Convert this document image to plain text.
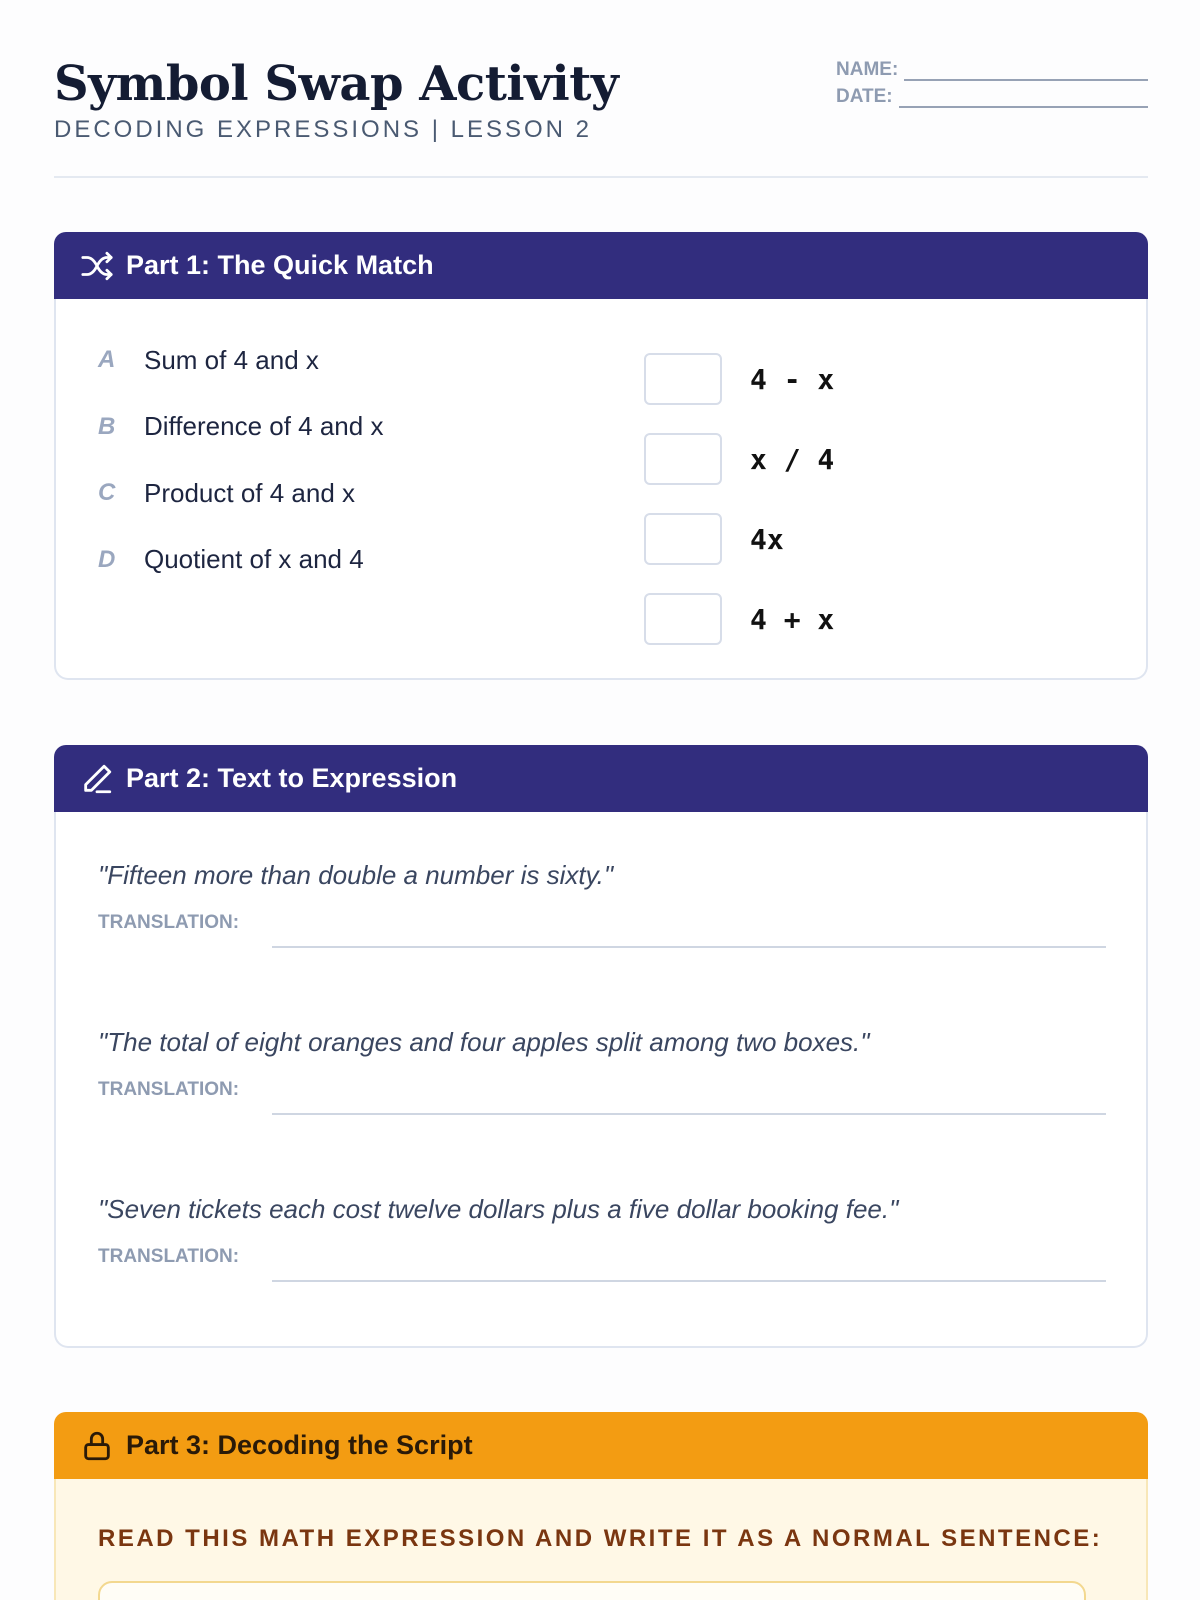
Symbol Swap Activity
DECODING EXPRESSIONS | LESSON 2
NAME:
DATE:
Part 1: The Quick Match
A	Sum of 4 and x
B	Difference of 4 and x
C	Product of 4 and x
D	Quotient of x and 4
4 - x
x / 4
4x
4 + x
Part 2: Text to Expression
"Fifteen more than double a number is sixty."
TRANSLATION:
"The total of eight oranges and four apples split among two boxes."
TRANSLATION:
"Seven tickets each cost twelve dollars plus a five dollar booking fee."
TRANSLATION:
Part 3: Decoding the Script
READ THIS MATH EXPRESSION AND WRITE IT AS A NORMAL SENTENCE:
